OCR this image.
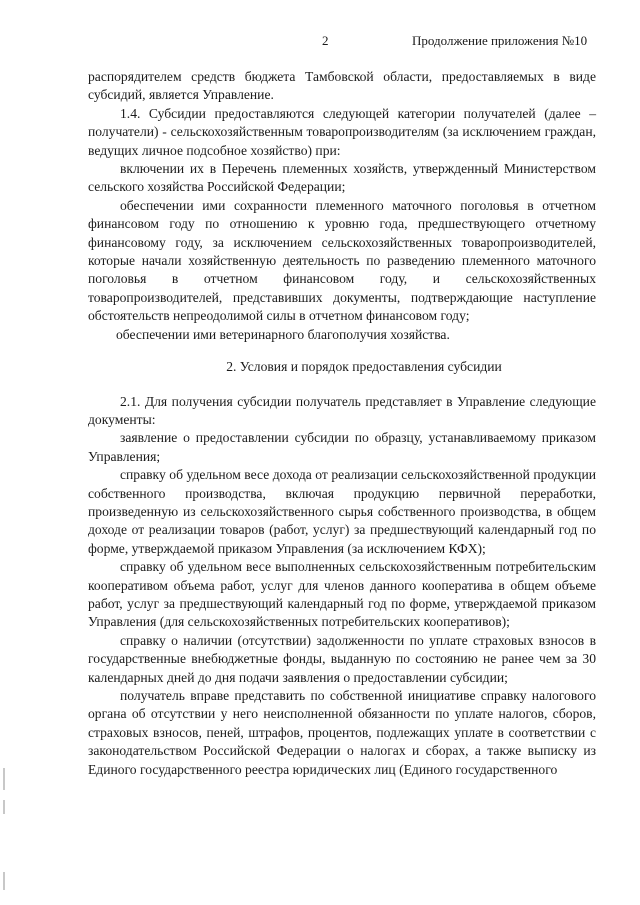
2	Продолжение приложения №10

распорядителем средств бюджета Тамбовской области, предоставляемых в виде субсидий, является Управление.

1.4. Субсидии предоставляются следующей категории получателей (далее – получатели) - сельскохозяйственным товаропроизводителям (за исключением граждан, ведущих личное подсобное хозяйство) при:

включении их в Перечень племенных хозяйств, утвержденный Министерством сельского хозяйства Российской Федерации;

обеспечении ими сохранности племенного маточного поголовья в отчетном финансовом году по отношению к уровню года, предшествующего отчетному финансовому году, за исключением сельскохозяйственных товаропроизводителей, которые начали хозяйственную деятельность по разведению племенного маточного поголовья в отчетном финансовом году, и сельскохозяйственных товаропроизводителей, представивших документы, подтверждающие наступление обстоятельств непреодолимой силы в отчетном финансовом году;

обеспечении ими ветеринарного благополучия хозяйства.

2. Условия и порядок предоставления субсидии

2.1. Для получения субсидии получатель представляет в Управление следующие документы:

заявление о предоставлении субсидии по образцу, устанавливаемому приказом Управления;

справку об удельном весе дохода от реализации сельскохозяйственной продукции собственного производства, включая продукцию первичной переработки, произведенную из сельскохозяйственного сырья собственного производства, в общем доходе от реализации товаров (работ, услуг) за предшествующий календарный год по форме, утверждаемой приказом Управления (за исключением КФХ);

справку об удельном весе выполненных сельскохозяйственным потребительским кооперативом объема работ, услуг для членов данного кооператива в общем объеме работ, услуг за предшествующий календарный год по форме, утверждаемой приказом Управления (для сельскохозяйственных потребительских кооперативов);

справку о наличии (отсутствии) задолженности по уплате страховых взносов в государственные внебюджетные фонды, выданную по состоянию не ранее чем за 30 календарных дней до дня подачи заявления о предоставлении субсидии;

получатель вправе представить по собственной инициативе справку налогового органа об отсутствии у него неисполненной обязанности по уплате налогов, сборов, страховых взносов, пеней, штрафов, процентов, подлежащих уплате в соответствии с законодательством Российской Федерации о налогах и сборах, а также выписку из Единого государственного реестра юридических лиц (Единого государственного
